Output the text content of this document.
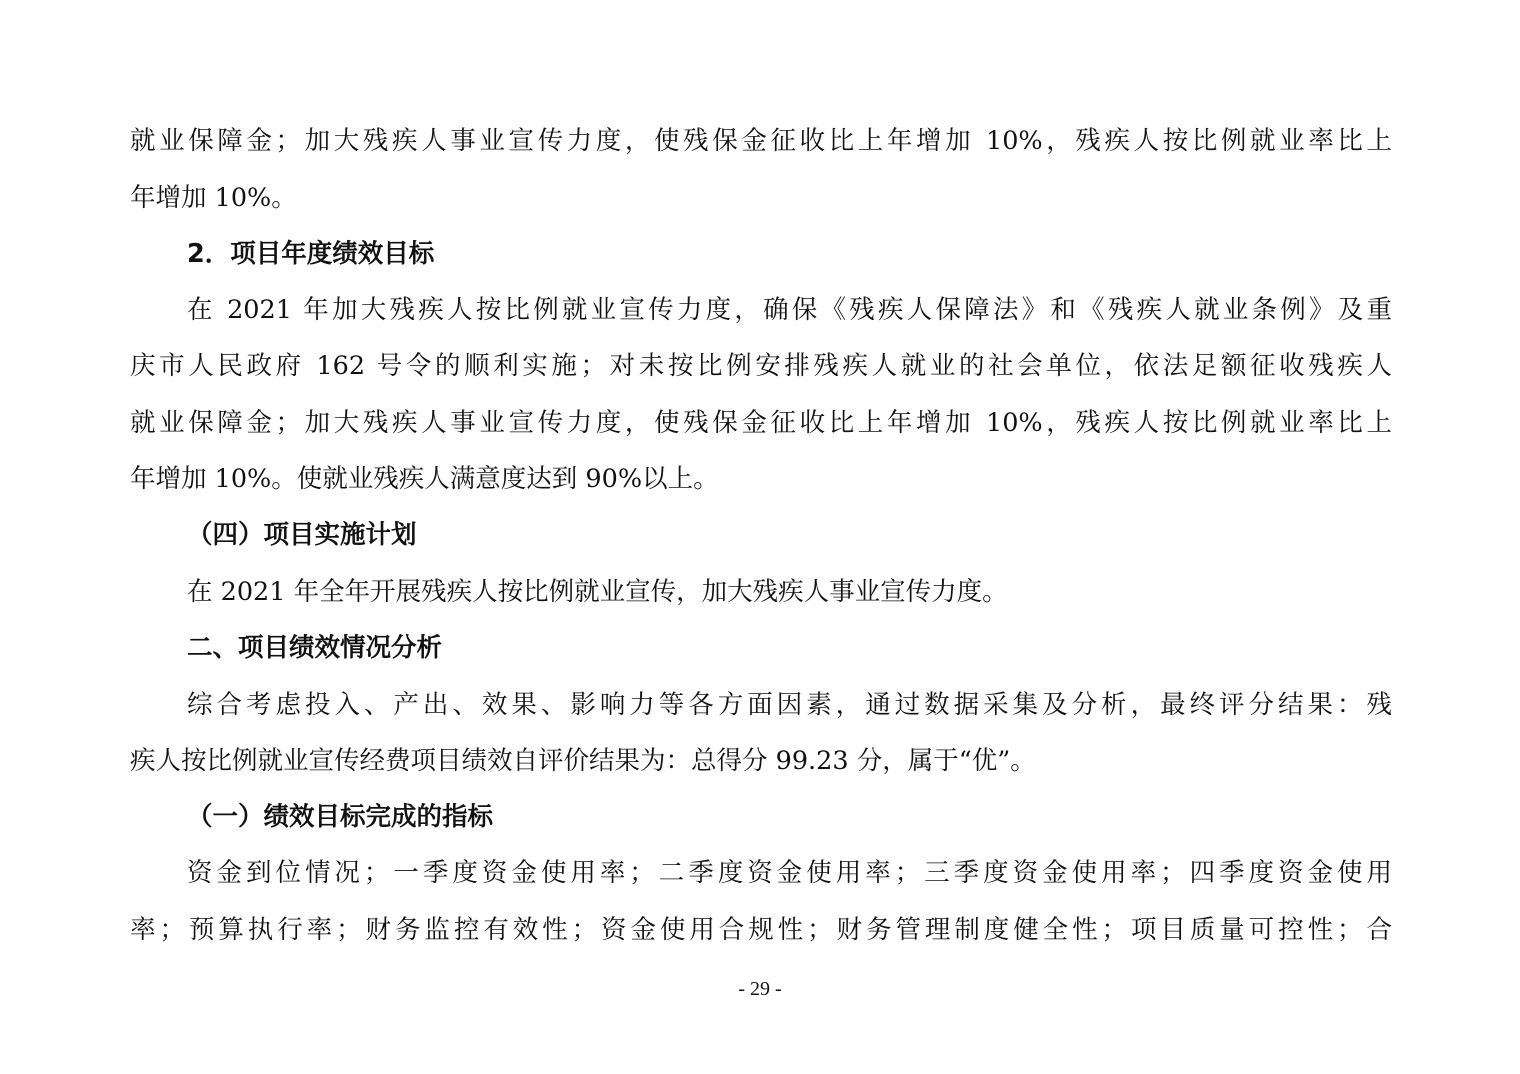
就业保障金；加大残疾人事业宣传力度，使残保金征收比上年增加 10%，残疾人按比例就业率比上
年增加 10%。
2．项目年度绩效目标
在 2021 年加大残疾人按比例就业宣传力度，确保《残疾人保障法》和《残疾人就业条例》及重
庆市人民政府 162 号令的顺利实施；对未按比例安排残疾人就业的社会单位，依法足额征收残疾人
就业保障金；加大残疾人事业宣传力度，使残保金征收比上年增加 10%，残疾人按比例就业率比上
年增加 10%。使就业残疾人满意度达到 90%以上。
（四）项目实施计划
在 2021 年全年开展残疾人按比例就业宣传，加大残疾人事业宣传力度。
二、项目绩效情况分析
综合考虑投入、产出、效果、影响力等各方面因素，通过数据采集及分析，最终评分结果：残
疾人按比例就业宣传经费项目绩效自评价结果为：总得分 99.23 分，属于“优”。
（一）绩效目标完成的指标
资金到位情况；一季度资金使用率；二季度资金使用率；三季度资金使用率；四季度资金使用
率；预算执行率；财务监控有效性；资金使用合规性；财务管理制度健全性；项目质量可控性；合
- 29 -
